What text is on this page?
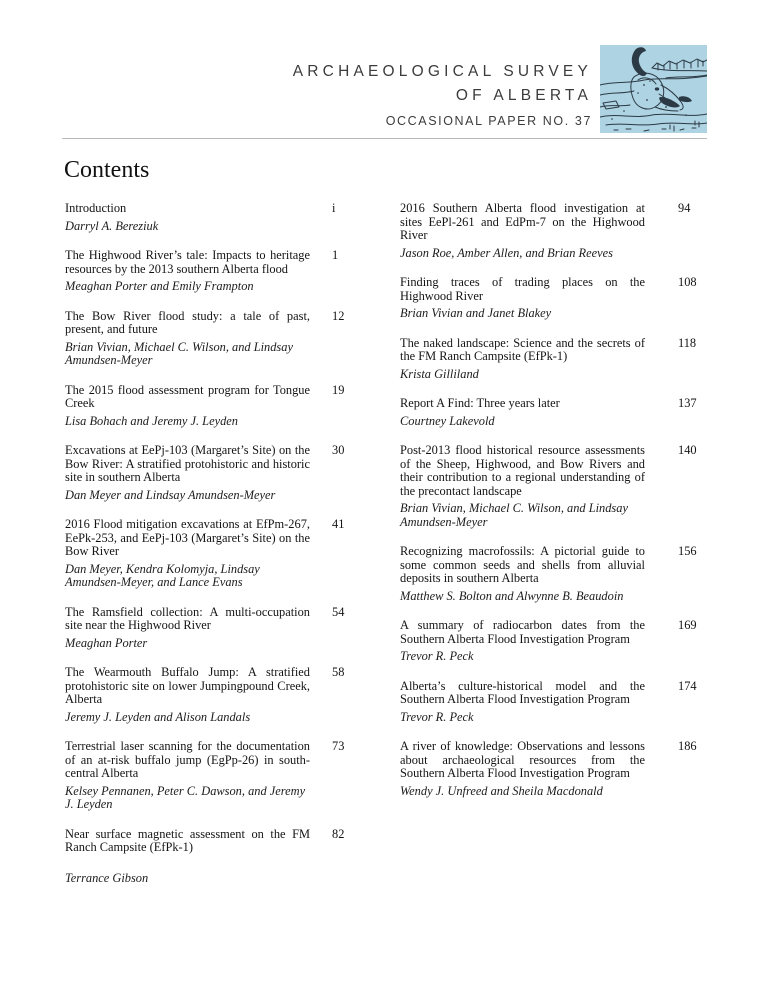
ARCHAEOLOGICAL SURVEY
OF ALBERTA
OCCASIONAL PAPER NO. 37
Contents
Introduction	i
Darryl A. Bereziuk
The Highwood River’s tale: Impacts to heritage resources by the 2013 southern Alberta flood
1
Meaghan Porter and Emily Frampton
The Bow River flood study: a tale of past, present, and future
12
Brian Vivian, Michael C. Wilson, and Lindsay Amundsen-Meyer
The 2015 flood assessment program for Tongue Creek
19
Lisa Bohach and Jeremy J. Leyden
Excavations at EePj-103 (Margaret’s Site) on the Bow River: A stratified protohistoric and historic site in southern Alberta
30
Dan Meyer and Lindsay Amundsen-Meyer
2016 Flood mitigation excavations at EfPm-267, EePk-253, and EePj-103 (Margaret’s Site) on the Bow River
41
Dan Meyer, Kendra Kolomyja, Lindsay Amundsen-Meyer, and Lance Evans
The Ramsfield collection: A multi-occupation site near the Highwood River
54
Meaghan Porter
The Wearmouth Buffalo Jump: A stratified protohistoric site on lower Jumpingpound Creek, Alberta
58
Jeremy J. Leyden and Alison Landals
Terrestrial laser scanning for the documentation of an at-risk buffalo jump (EgPp-26) in south-central Alberta
73
Kelsey Pennanen, Peter C. Dawson, and Jeremy J. Leyden
Near surface magnetic assessment on the FM Ranch Campsite (EfPk-1)
82
Terrance Gibson
2016 Southern Alberta flood investigation at sites EePl-261 and EdPm-7 on the Highwood River
94
Jason Roe, Amber Allen, and Brian Reeves
Finding traces of trading places on the Highwood River
108
Brian Vivian and Janet Blakey
The naked landscape: Science and the secrets of the FM Ranch Campsite (EfPk-1)
118
Krista Gilliland
Report A Find: Three years later	137
Courtney Lakevold
Post-2013 flood historical resource assessments of the Sheep, Highwood, and Bow Rivers and their contribution to a regional understanding of the precontact landscape
140
Brian Vivian, Michael C. Wilson, and Lindsay Amundsen-Meyer
Recognizing macrofossils: A pictorial guide to some common seeds and shells from alluvial deposits in southern Alberta
156
Matthew S. Bolton and Alwynne B. Beaudoin
A summary of radiocarbon dates from the Southern Alberta Flood Investigation Program
169
Trevor R. Peck
Alberta’s culture-historical model and the Southern Alberta Flood Investigation Program
174
Trevor R. Peck
A river of knowledge: Observations and lessons about archaeological resources from the Southern Alberta Flood Investigation Program
186
Wendy J. Unfreed and Sheila Macdonald
